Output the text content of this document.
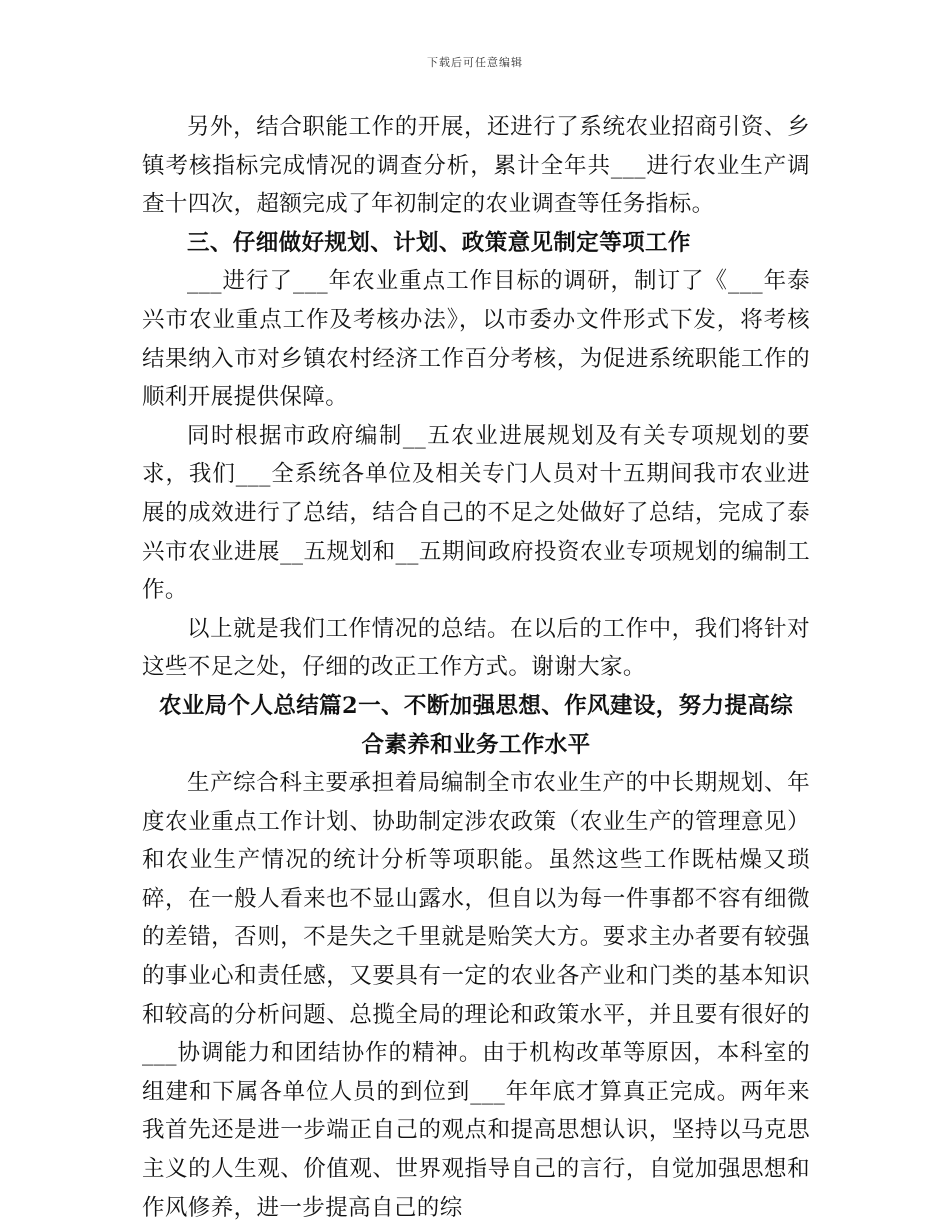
下载后可任意编辑

另外，结合职能工作的开展，还进行了系统农业招商引资、乡镇考核指标完成情况的调查分析，累计全年共___进行农业生产调查十四次，超额完成了年初制定的农业调查等任务指标。

三、仔细做好规划、计划、政策意见制定等项工作

___进行了___年农业重点工作目标的调研，制订了《___年泰兴市农业重点工作及考核办法》，以市委办文件形式下发，将考核结果纳入市对乡镇农村经济工作百分考核，为促进系统职能工作的顺利开展提供保障。

同时根据市政府编制__五农业进展规划及有关专项规划的要求，我们___全系统各单位及相关专门人员对十五期间我市农业进展的成效进行了总结，结合自己的不足之处做好了总结，完成了泰兴市农业进展__五规划和__五期间政府投资农业专项规划的编制工作。

以上就是我们工作情况的总结。在以后的工作中，我们将针对这些不足之处，仔细的改正工作方式。谢谢大家。

农业局个人总结篇2一、不断加强思想、作风建设，努力提高综
合素养和业务工作水平

生产综合科主要承担着局编制全市农业生产的中长期规划、年度农业重点工作计划、协助制定涉农政策（农业生产的管理意见）和农业生产情况的统计分析等项职能。虽然这些工作既枯燥又琐碎，在一般人看来也不显山露水，但自以为每一件事都不容有细微的差错，否则，不是失之千里就是贻笑大方。要求主办者要有较强的事业心和责任感，又要具有一定的农业各产业和门类的基本知识和较高的分析问题、总揽全局的理论和政策水平，并且要有很好的___协调能力和团结协作的精神。由于机构改革等原因，本科室的组建和下属各单位人员的到位到___年年底才算真正完成。两年来我首先还是进一步端正自己的观点和提高思想认识，坚持以马克思主义的人生观、价值观、世界观指导自己的言行，自觉加强思想和作风修养，进一步提高自己的综
